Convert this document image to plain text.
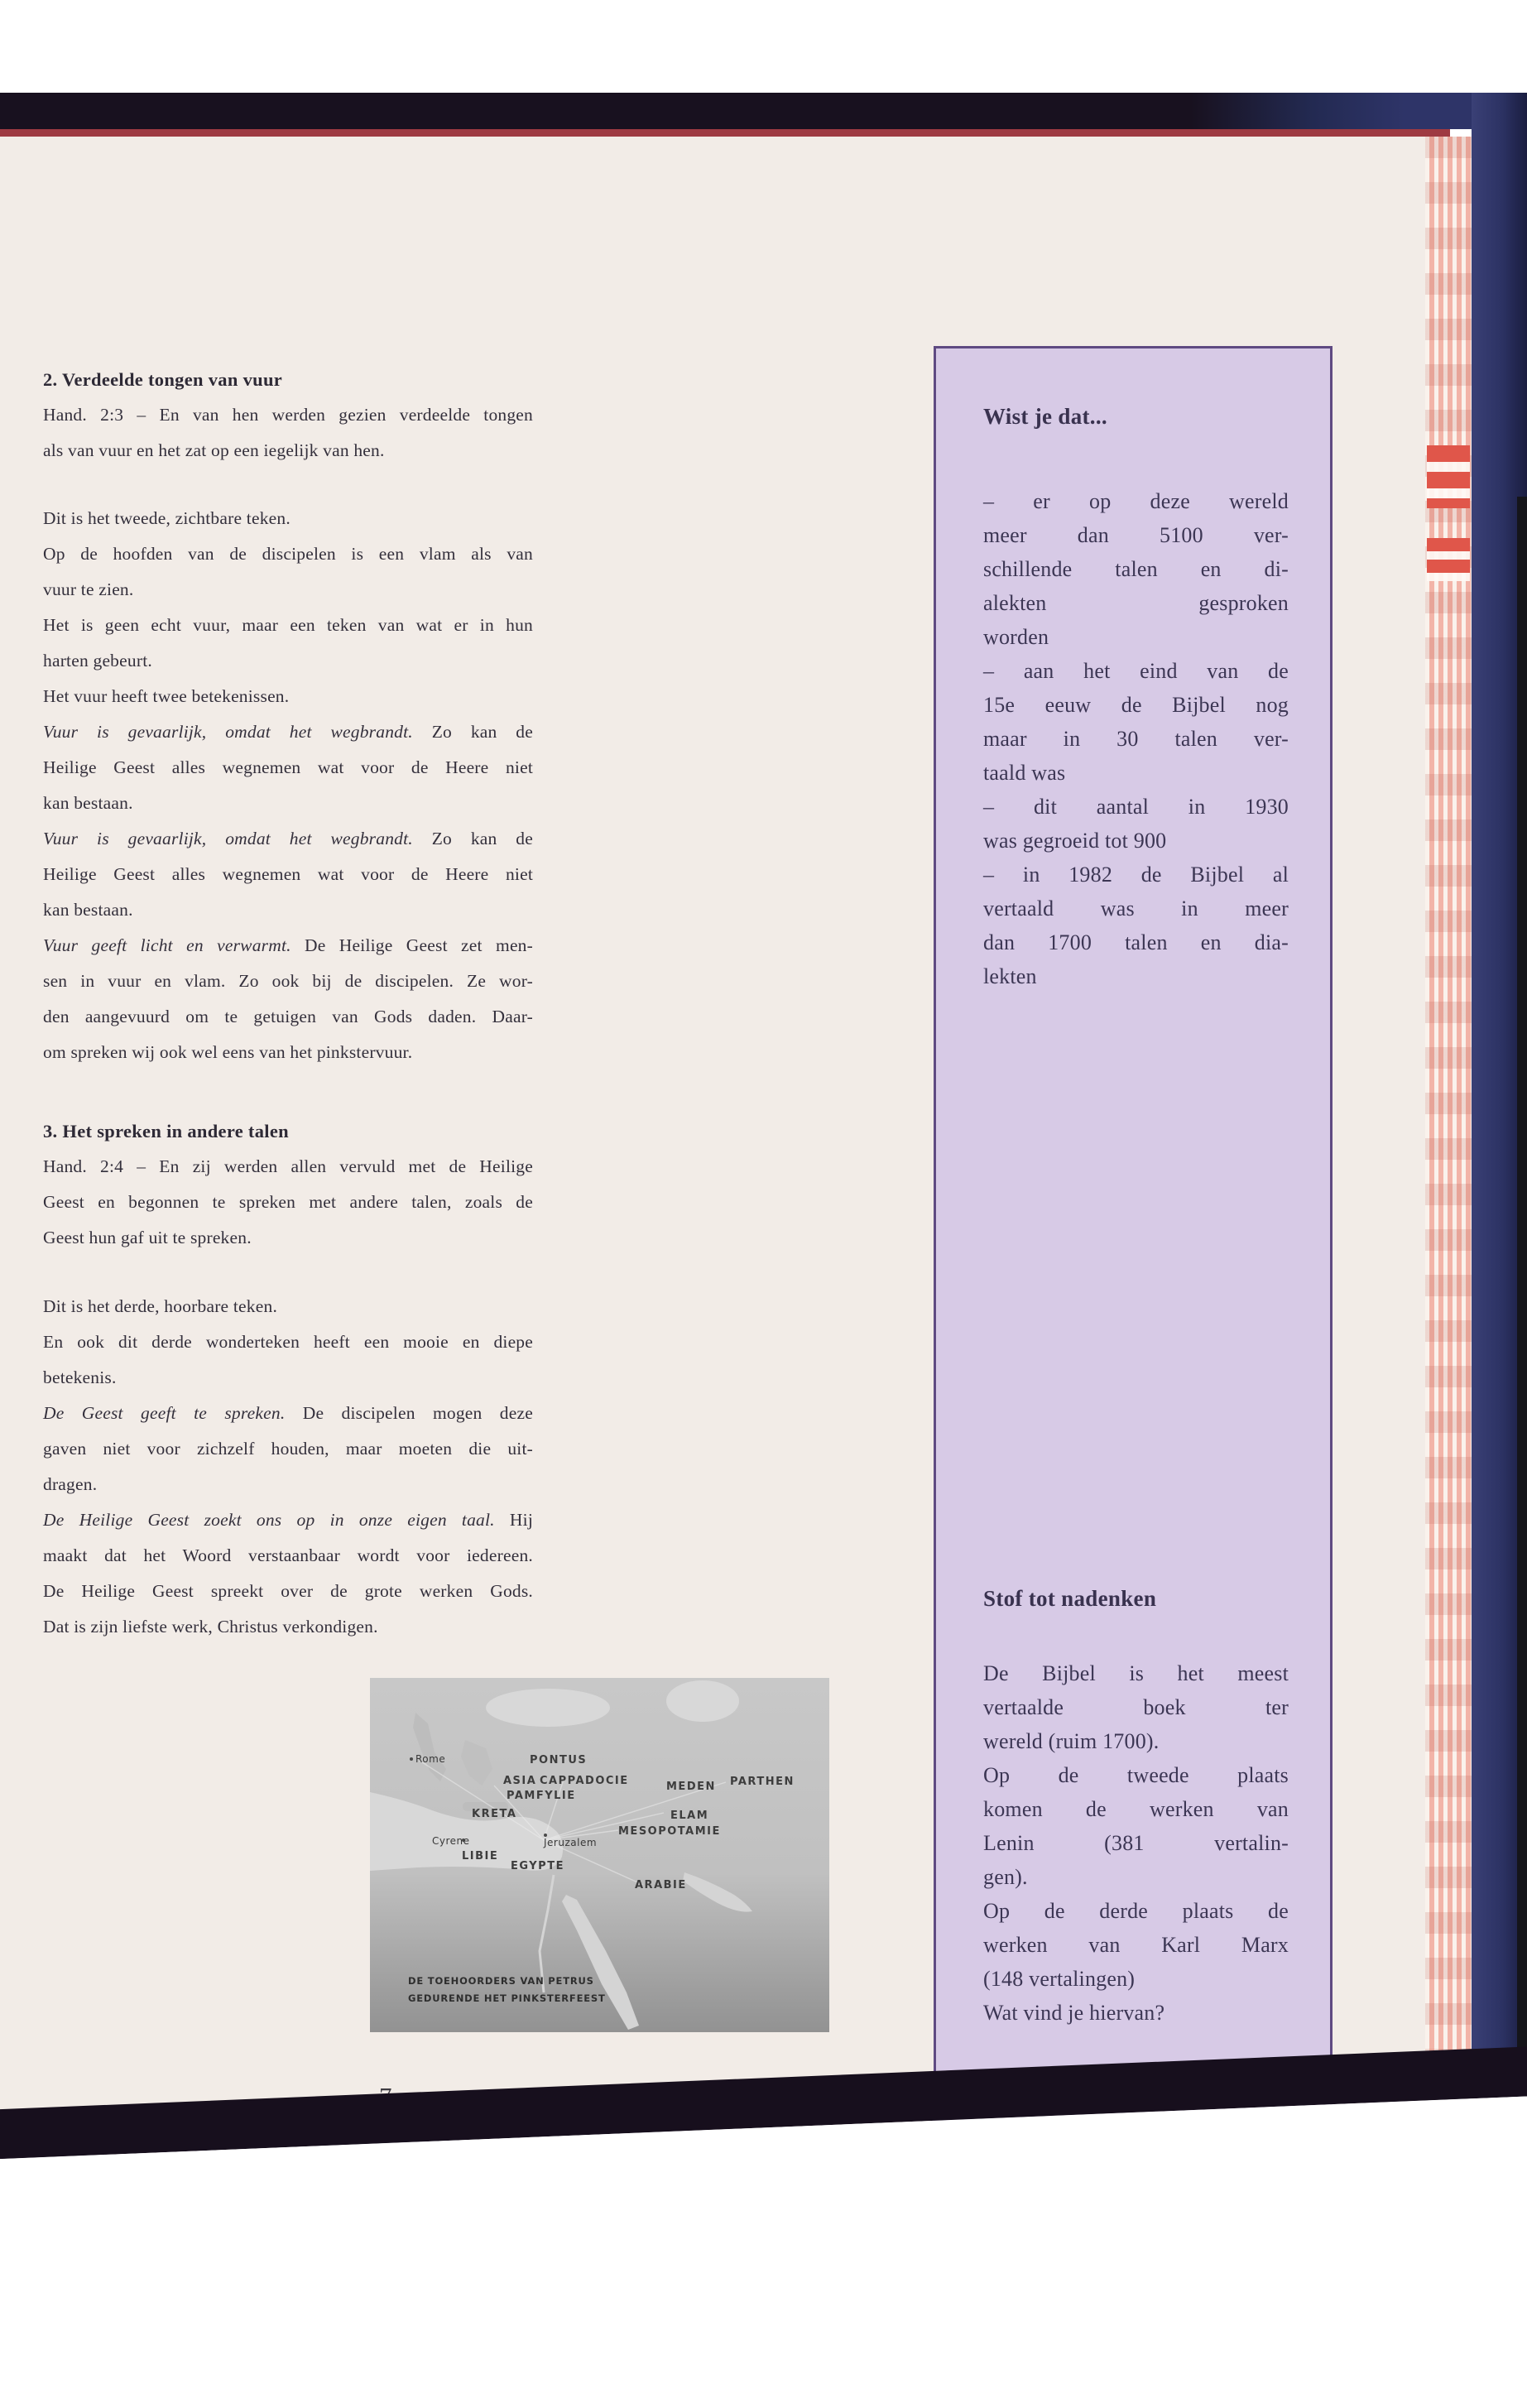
2. Verdeelde tongen van vuur
Hand. 2:3 – En van hen werden gezien verdeelde tongen
als van vuur en het zat op een iegelijk van hen.
Dit is het tweede, zichtbare teken.
Op de hoofden van de discipelen is een vlam als van
vuur te zien.
Het is geen echt vuur, maar een teken van wat er in hun
harten gebeurt.
Het vuur heeft twee betekenissen.
Vuur is gevaarlijk, omdat het wegbrandt. Zo kan de
Heilige Geest alles wegnemen wat voor de Heere niet
kan bestaan.
Vuur is gevaarlijk, omdat het wegbrandt. Zo kan de
Heilige Geest alles wegnemen wat voor de Heere niet
kan bestaan.
Vuur geeft licht en verwarmt. De Heilige Geest zet men-
sen in vuur en vlam. Zo ook bij de discipelen. Ze wor-
den aangevuurd om te getuigen van Gods daden. Daar-
om spreken wij ook wel eens van het pinkstervuur.
3. Het spreken in andere talen
Hand. 2:4 – En zij werden allen vervuld met de Heilige
Geest en begonnen te spreken met andere talen, zoals de
Geest hun gaf uit te spreken.
Dit is het derde, hoorbare teken.
En ook dit derde wonderteken heeft een mooie en diepe
betekenis.
De Geest geeft te spreken. De discipelen mogen deze
gaven niet voor zichzelf houden, maar moeten die uit-
dragen.
De Heilige Geest zoekt ons op in onze eigen taal. Hij
maakt dat het Woord verstaanbaar wordt voor iedereen.
De Heilige Geest spreekt over de grote werken Gods.
Dat is zijn liefste werk, Christus verkondigen.
Wist je dat...
– er op deze wereld
meer dan 5100 ver-
schillende talen en di-
alekten gesproken
worden
– aan het eind van de
15e eeuw de Bijbel nog
maar in 30 talen ver-
taald was
– dit aantal in 1930
was gegroeid tot 900
– in 1982 de Bijbel al
vertaald was in meer
dan 1700 talen en dia-
lekten
Stof tot nadenken
De Bijbel is het meest
vertaalde boek ter
wereld (ruim 1700).
Op de tweede plaats
komen de werken van
Lenin (381 vertalin-
gen).
Op de derde plaats de
werken van Karl Marx
(148 vertalingen)
Wat vind je hiervan?
Rome	PONTUS
ASIA CAPPADOCIE
PAMFYLIE
KRETA
Cyrene
LIBIE
EGYPTE
Jeruzalem
MESOPOTAMIE
ELAM
MEDEN PARTHEN
ARABIE
DE TOEHOORDERS VAN PETRUS
GEDURENDE HET PINKSTERFEEST
